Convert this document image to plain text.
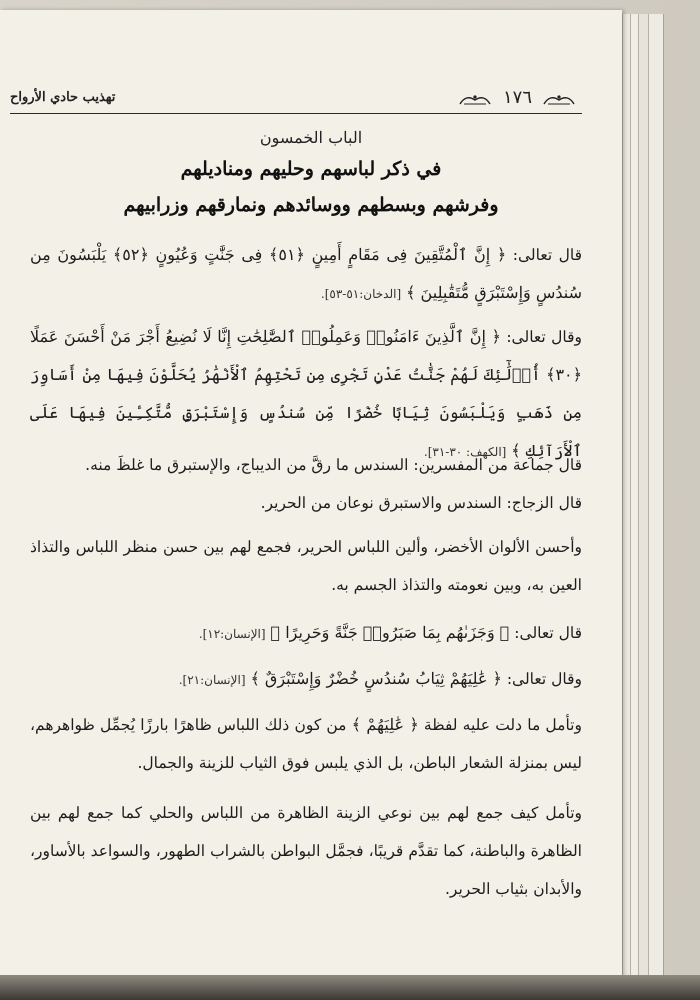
تهذيب حادي الأرواح	١٧٦
الباب الخمسون
في ذكر لباسهم وحليهم ومناديلهم
وفرشهم وبسطهم ووسائدهم ونمارقهم وزرابيهم
قال تعالى: ﴿ إِنَّ ٱلْمُتَّقِينَ فِى مَقَامٍ أَمِينٍ ﴿٥١﴾ فِى جَنَّٰتٍ وَعُيُونٍ ﴿٥٢﴾ يَلْبَسُونَ مِن سُندُسٍ وَإِسْتَبْرَقٍ مُّتَقَٰبِلِينَ ﴾ [الدخان:٥١-٥٣].
وقال تعالى: ﴿ إِنَّ ٱلَّذِينَ ءَامَنُوا۟ وَعَمِلُوا۟ ٱلصَّٰلِحَٰتِ إِنَّا لَا نُضِيعُ أَجْرَ مَنْ أَحْسَنَ عَمَلًا ﴿٣٠﴾ أُو۟لَٰٓئِكَ لَهُمْ جَنَّٰتُ عَدْنٍ تَجْرِى مِن تَحْتِهِمُ ٱلْأَنْهَٰرُ يُحَلَّوْنَ فِيهَا مِنْ أَسَاوِرَ مِن ذَهَبٍ وَيَلْبَسُونَ ثِيَابًا خُضْرًا مِّن سُندُسٍ وَإِسْتَبْرَقٍ مُّتَّكِـِٔينَ فِيهَا عَلَى ٱلْأَرَآئِكِ ﴾ [الكهف: ٣٠-٣١].
قال جماعة من المفسرين: السندس ما رقَّ من الديباج، والإستبرق ما غلظَ منه.
قال الزجاج: السندس والاستبرق نوعان من الحرير.
وأحسن الألوان الأخضر، وألين اللباس الحرير، فجمع لهم بين حسن منظر اللباس والتذاذ العين به، وبين نعومته والتذاذ الجسم به.
قال تعالى: ﴿ وَجَزَىٰهُم بِمَا صَبَرُوا۟ جَنَّةً وَحَرِيرًا ﴾ [الإنسان:١٢].
وقال تعالى: ﴿ عَٰلِيَهُمْ ثِيَابُ سُندُسٍ خُضْرٌ وَإِسْتَبْرَقٌ ﴾ [الإنسان:٢١].
وتأمل ما دلت عليه لفظة ﴿ عَٰلِيَهُمْ ﴾ من كون ذلك اللباس ظاهرًا بارزًا يُجمِّل ظواهرهم، ليس بمنزلة الشعار الباطن، بل الذي يلبس فوق الثياب للزينة والجمال.
وتأمل كيف جمع لهم بين نوعي الزينة الظاهرة من اللباس والحلي كما جمع لهم بين الظاهرة والباطنة، كما تقدَّم قريبًا، فجمَّل البواطن بالشراب الطهور، والسواعد بالأساور، والأبدان بثياب الحرير.
